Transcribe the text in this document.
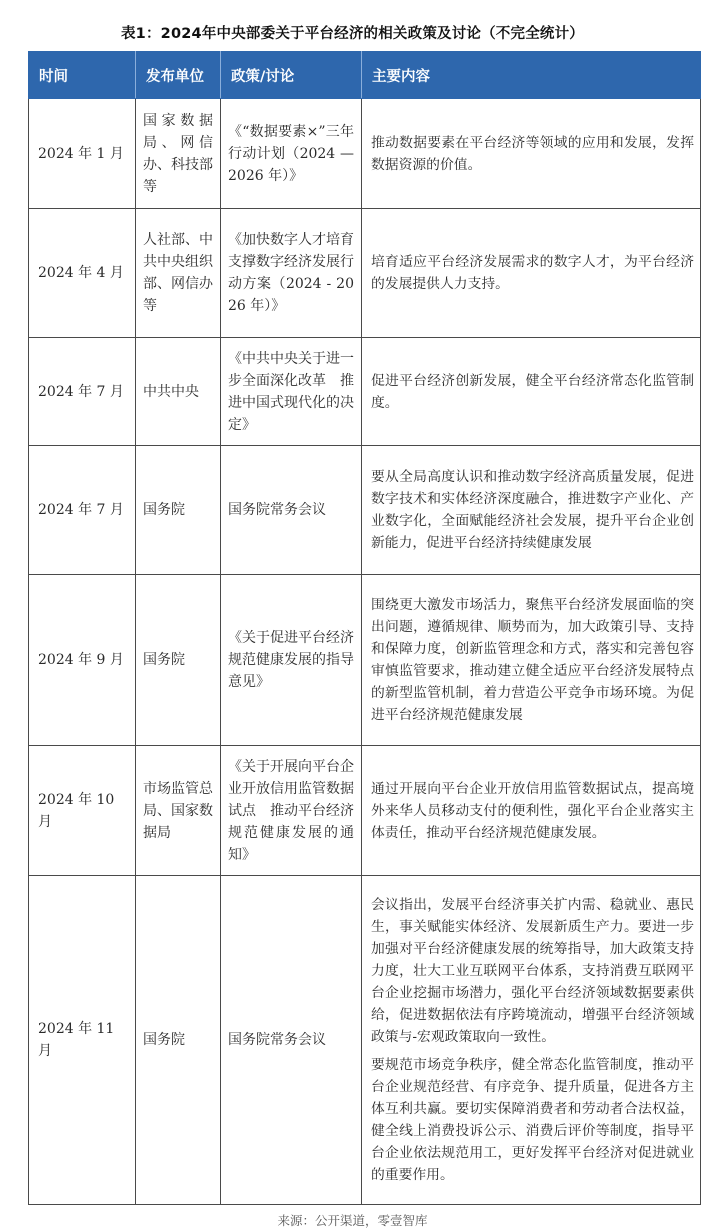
表1：2024年中央部委关于平台经济的相关政策及讨论（不完全统计）
时间	发布单位	政策/讨论	主要内容
2024 年 1 月	国家数据局、网信办、科技部等	《“数据要素×”三年行动计划（2024 — 2026 年）》	推动数据要素在平台经济等领域的应用和发展，发挥数据资源的价值。
2024 年 4 月	人社部、中共中央组织部、网信办等	《加快数字人才培育支撑数字经济发展行动方案（2024 - 2026 年）》	培育适应平台经济发展需求的数字人才，为平台经济的发展提供人力支持。
2024 年 7 月	中共中央	《中共中央关于进一步全面深化改革　推进中国式现代化的决定》	促进平台经济创新发展，健全平台经济常态化监管制度。
2024 年 7 月	国务院	国务院常务会议	要从全局高度认识和推动数字经济高质量发展，促进数字技术和实体经济深度融合，推进数字产业化、产业数字化，全面赋能经济社会发展，提升平台企业创新能力，促进平台经济持续健康发展
2024 年 9 月	国务院	《关于促进平台经济规范健康发展的指导意见》	围绕更大激发市场活力，聚焦平台经济发展面临的突出问题，遵循规律、顺势而为，加大政策引导、支持和保障力度，创新监管理念和方式，落实和完善包容审慎监管要求，推动建立健全适应平台经济发展特点的新型监管机制，着力营造公平竞争市场环境。为促进平台经济规范健康发展
2024 年 10 月	市场监管总局、国家数据局	《关于开展向平台企业开放信用监管数据试点　推动平台经济规范健康发展的通知》	通过开展向平台企业开放信用监管数据试点，提高境外来华人员移动支付的便利性，强化平台企业落实主体责任，推动平台经济规范健康发展。
2024 年 11 月	国务院	国务院常务会议	会议指出，发展平台经济事关扩内需、稳就业、惠民生，事关赋能实体经济、发展新质生产力。要进一步加强对平台经济健康发展的统筹指导，加大政策支持力度，壮大工业互联网平台体系，支持消费互联网平台企业挖掘市场潜力，强化平台经济领域数据要素供给，促进数据依法有序跨境流动，增强平台经济领域政策与-宏观政策取向一致性。
要规范市场竞争秩序，健全常态化监管制度，推动平台企业规范经营、有序竞争、提升质量，促进各方主体互利共赢。要切实保障消费者和劳动者合法权益，健全线上消费投诉公示、消费后评价等制度，指导平台企业依法规范用工，更好发挥平台经济对促进就业的重要作用。
来源：公开渠道，零壹智库
